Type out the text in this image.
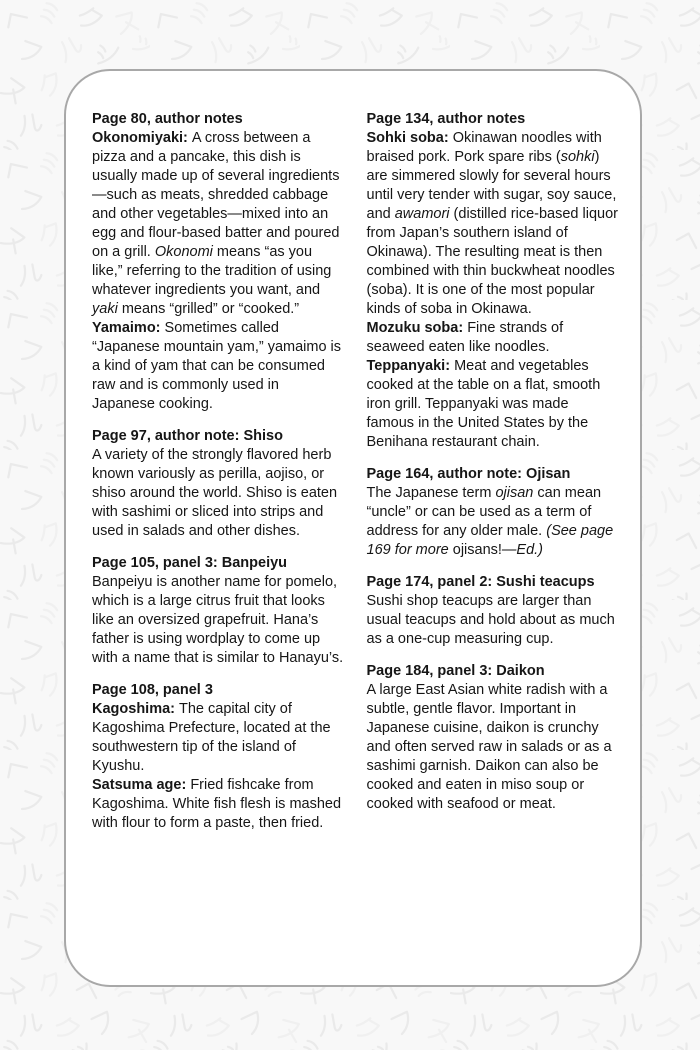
Page 80, author notes

Okonomiyaki: A cross between a pizza and a pancake, this dish is usually made up of several ingredients—such as meats, shredded cabbage and other vegetables—mixed into an egg and flour-based batter and poured on a grill. Okonomi means “as you like,” referring to the tradition of using whatever ingredients you want, and yaki means “grilled” or “cooked.”

Yamaimo: Sometimes called “Japanese mountain yam,” yamaimo is a kind of yam that can be consumed raw and is commonly used in Japanese cooking.

Page 97, author note: Shiso

A variety of the strongly flavored herb known variously as perilla, aojiso, or shiso around the world. Shiso is eaten with sashimi or sliced into strips and used in salads and other dishes.

Page 105, panel 3: Banpeiyu

Banpeiyu is another name for pomelo, which is a large citrus fruit that looks like an oversized grapefruit. Hana’s father is using wordplay to come up with a name that is similar to Hanayu’s.

Page 108, panel 3

Kagoshima: The capital city of Kagoshima Prefecture, located at the southwestern tip of the island of Kyushu.

Satsuma age: Fried fishcake from Kagoshima. White fish flesh is mashed with flour to form a paste, then fried.

Page 134, author notes

Sohki soba: Okinawan noodles with braised pork. Pork spare ribs (sohki) are simmered slowly for several hours until very tender with sugar, soy sauce, and awamori (distilled rice-based liquor from Japan’s southern island of Okinawa). The resulting meat is then combined with thin buckwheat noodles (soba). It is one of the most popular kinds of soba in Okinawa.

Mozuku soba: Fine strands of seaweed eaten like noodles.

Teppanyaki: Meat and vegetables cooked at the table on a flat, smooth iron grill. Teppanyaki was made famous in the United States by the Benihana restaurant chain.

Page 164, author note: Ojisan

The Japanese term ojisan can mean “uncle” or can be used as a term of address for any older male. (See page 169 for more ojisans!—Ed.)

Page 174, panel 2: Sushi teacups

Sushi shop teacups are larger than usual teacups and hold about as much as a one-cup measuring cup.

Page 184, panel 3: Daikon

A large East Asian white radish with a subtle, gentle flavor. Important in Japanese cuisine, daikon is crunchy and often served raw in salads or as a sashimi garnish. Daikon can also be cooked and eaten in miso soup or cooked with seafood or meat.
